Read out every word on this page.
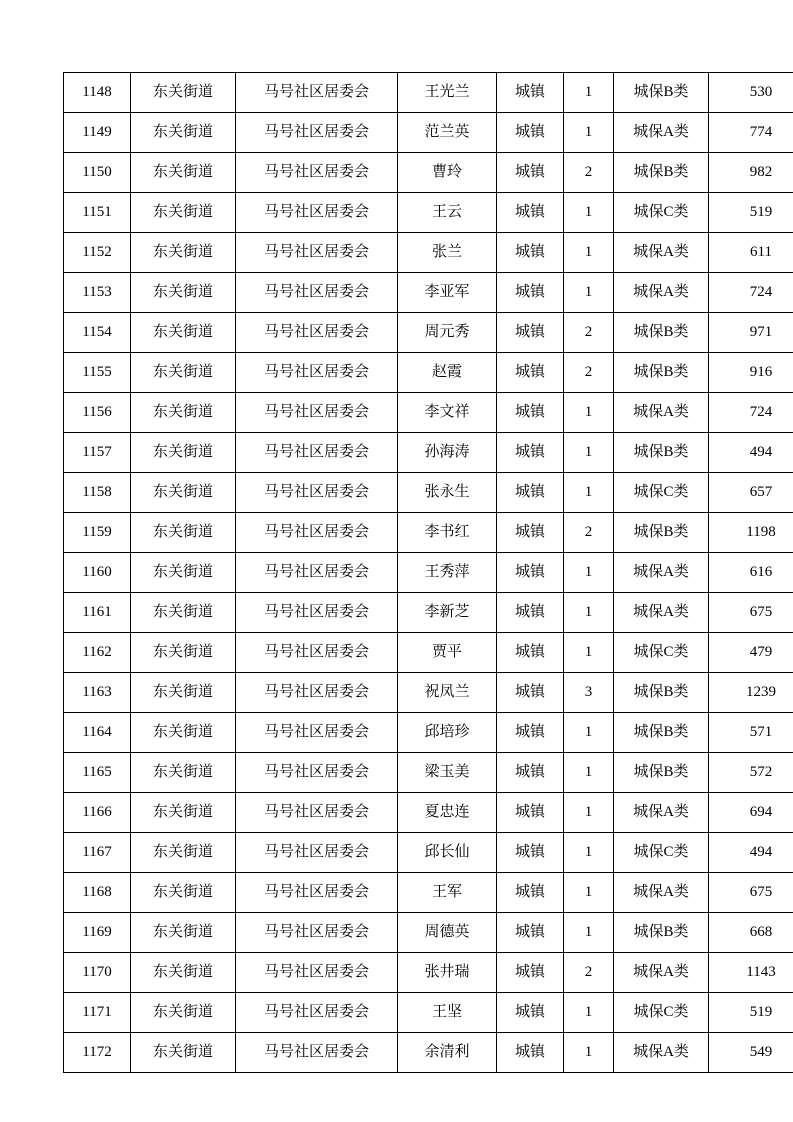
1148	东关街道	马号社区居委会	王光兰	城镇	1	城保B类	530
1149	东关街道	马号社区居委会	范兰英	城镇	1	城保A类	774
1150	东关街道	马号社区居委会	曹玲	城镇	2	城保B类	982
1151	东关街道	马号社区居委会	王云	城镇	1	城保C类	519
1152	东关街道	马号社区居委会	张兰	城镇	1	城保A类	611
1153	东关街道	马号社区居委会	李亚军	城镇	1	城保A类	724
1154	东关街道	马号社区居委会	周元秀	城镇	2	城保B类	971
1155	东关街道	马号社区居委会	赵霞	城镇	2	城保B类	916
1156	东关街道	马号社区居委会	李文祥	城镇	1	城保A类	724
1157	东关街道	马号社区居委会	孙海涛	城镇	1	城保B类	494
1158	东关街道	马号社区居委会	张永生	城镇	1	城保C类	657
1159	东关街道	马号社区居委会	李书红	城镇	2	城保B类	1198
1160	东关街道	马号社区居委会	王秀萍	城镇	1	城保A类	616
1161	东关街道	马号社区居委会	李新芝	城镇	1	城保A类	675
1162	东关街道	马号社区居委会	贾平	城镇	1	城保C类	479
1163	东关街道	马号社区居委会	祝凤兰	城镇	3	城保B类	1239
1164	东关街道	马号社区居委会	邱培珍	城镇	1	城保B类	571
1165	东关街道	马号社区居委会	梁玉美	城镇	1	城保B类	572
1166	东关街道	马号社区居委会	夏忠连	城镇	1	城保A类	694
1167	东关街道	马号社区居委会	邱长仙	城镇	1	城保C类	494
1168	东关街道	马号社区居委会	王军	城镇	1	城保A类	675
1169	东关街道	马号社区居委会	周德英	城镇	1	城保B类	668
1170	东关街道	马号社区居委会	张井瑞	城镇	2	城保A类	1143
1171	东关街道	马号社区居委会	王坚	城镇	1	城保C类	519
1172	东关街道	马号社区居委会	余清利	城镇	1	城保A类	549
